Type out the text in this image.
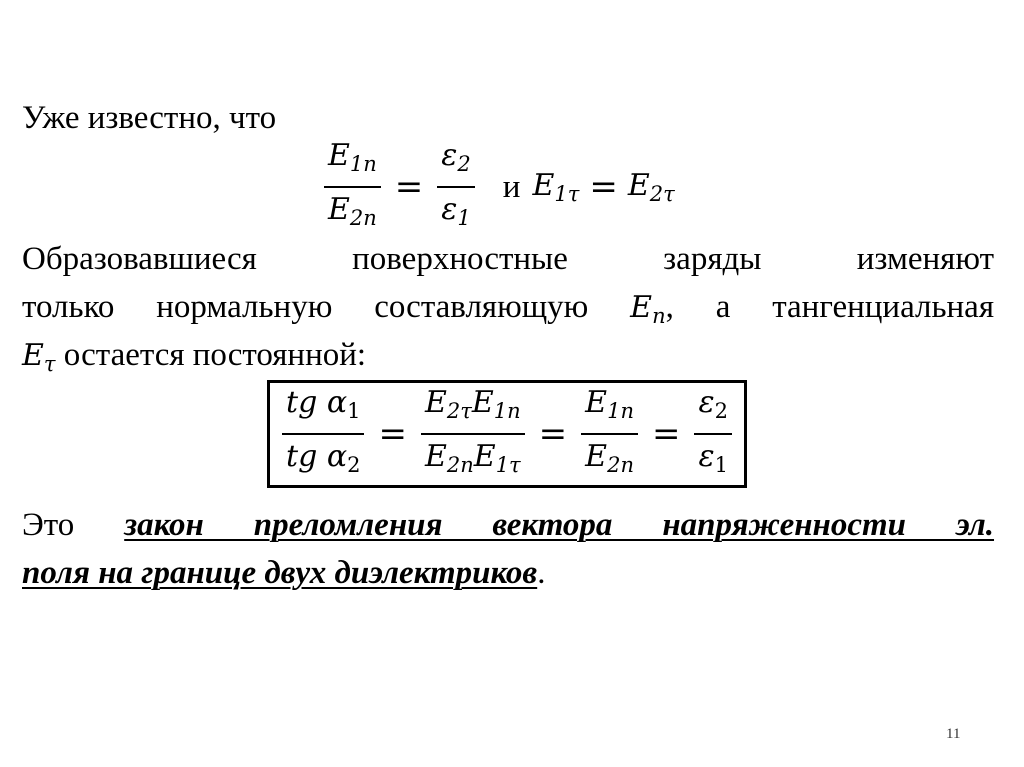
Уже известно, что
$\frac{E_{1n}}{E_{2n}} = \frac{\varepsilon_2}{\varepsilon_1}$ и $E_{1\tau} = E_{2\tau}$
Образовавшиеся поверхностные заряды изменяют
только нормальную составляющую $E_n$, а тангенциальная
$E_\tau$ остается постоянной:
$\frac{tg \alpha_1}{tg \alpha_2} = \frac{E_{2\tau}E_{1n}}{E_{2n}E_{1\tau}} = \frac{E_{1n}}{E_{2n}} = \frac{\varepsilon_2}{\varepsilon_1}$
Это закон преломления вектора напряженности эл.
поля на границе двух диэлектриков.
11
